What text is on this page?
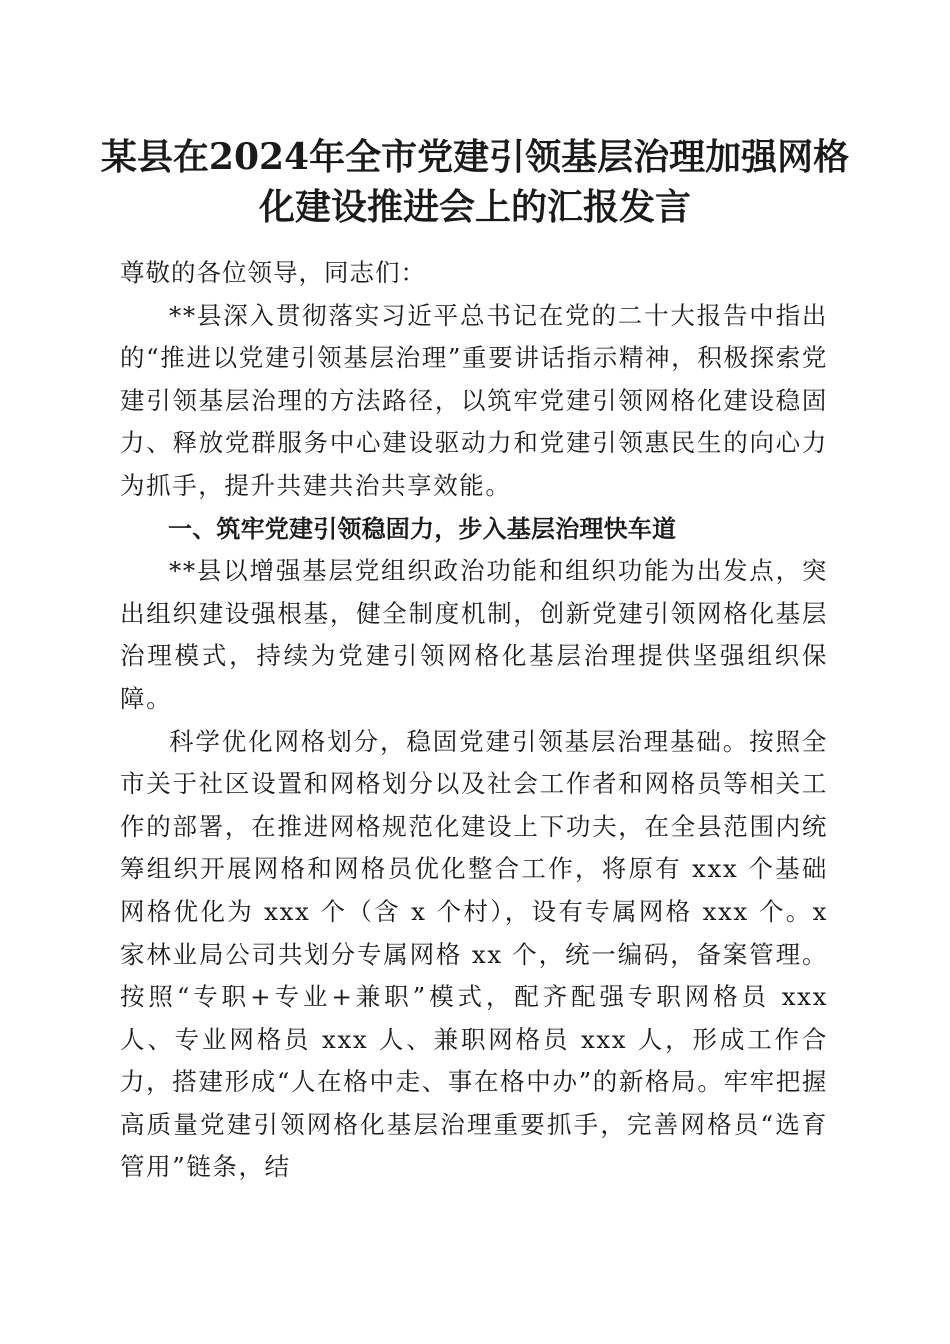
某县在2024年全市党建引领基层治理加强网格化建设推进会上的汇报发言

尊敬的各位领导，同志们：

**县深入贯彻落实习近平总书记在党的二十大报告中指出的“推进以党建引领基层治理”重要讲话指示精神，积极探索党建引领基层治理的方法路径，以筑牢党建引领网格化建设稳固力、释放党群服务中心建设驱动力和党建引领惠民生的向心力为抓手，提升共建共治共享效能。

一、筑牢党建引领稳固力，步入基层治理快车道

**县以增强基层党组织政治功能和组织功能为出发点，突出组织建设强根基，健全制度机制，创新党建引领网格化基层治理模式，持续为党建引领网格化基层治理提供坚强组织保障。

科学优化网格划分，稳固党建引领基层治理基础。按照全市关于社区设置和网格划分以及社会工作者和网格员等相关工作的部署，在推进网格规范化建设上下功夫，在全县范围内统筹组织开展网格和网格员优化整合工作，将原有 xxx 个基础网格优化为 xxx 个（含 x 个村），设有专属网格 xxx 个。x 家林业局公司共划分专属网格 xx 个，统一编码，备案管理。按照“专职+专业+兼职”模式，配齐配强专职网格员 xxx 人、专业网格员 xxx 人、兼职网格员 xxx 人，形成工作合力，搭建形成“人在格中走、事在格中办”的新格局。牢牢把握高质量党建引领网格化基层治理重要抓手，完善网格员“选育管用”链条，结
